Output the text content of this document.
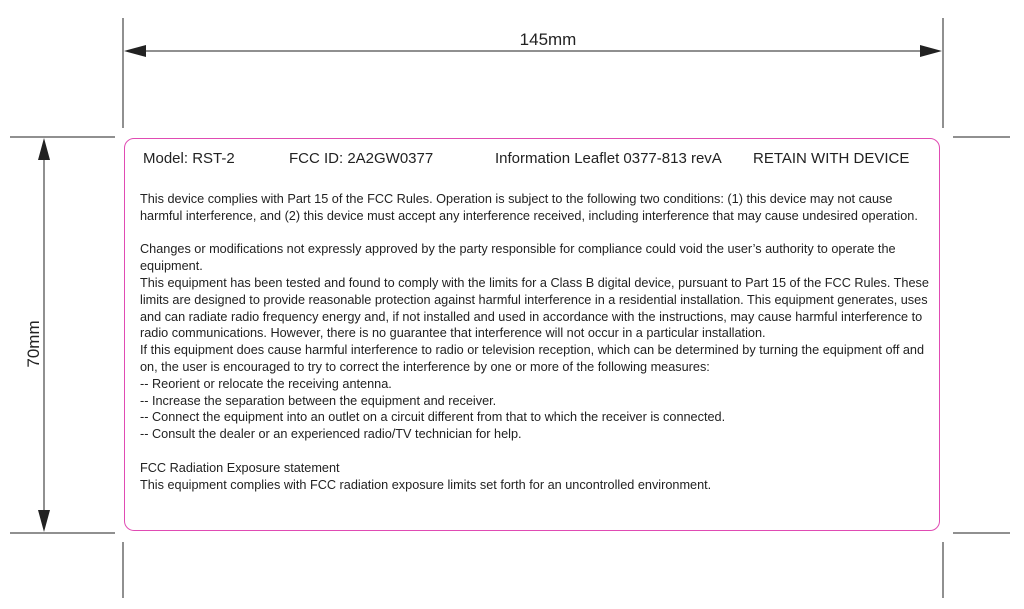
145mm
70mm
Model: RST-2	FCC ID: 2A2GW0377	Information Leaflet 0377-813 revA RETAIN WITH DEVICE

This device complies with Part 15 of the FCC Rules. Operation is subject to the following two conditions: (1) this device may not cause harmful interference, and (2) this device must accept any interference received, including interference that may cause undesired operation.

Changes or modifications not expressly approved by the party responsible for compliance could void the user’s authority to operate the equipment.

This equipment has been tested and found to comply with the limits for a Class B digital device, pursuant to Part 15 of the FCC Rules. These limits are designed to provide reasonable protection against harmful interference in a residential installation. This equipment generates, uses and can radiate radio frequency energy and, if not installed and used in accordance with the instructions, may cause harmful interference to radio communications. However, there is no guarantee that interference will not occur in a particular installation.

If this equipment does cause harmful interference to radio or television reception, which can be determined by turning the equipment off and on, the user is encouraged to try to correct the interference by one or more of the following measures:

-- Reorient or relocate the receiving antenna.

-- Increase the separation between the equipment and receiver.

-- Connect the equipment into an outlet on a circuit different from that to which the receiver is connected.

-- Consult the dealer or an experienced radio/TV technician for help.

FCC Radiation Exposure statement

This equipment complies with FCC radiation exposure limits set forth for an uncontrolled environment.
